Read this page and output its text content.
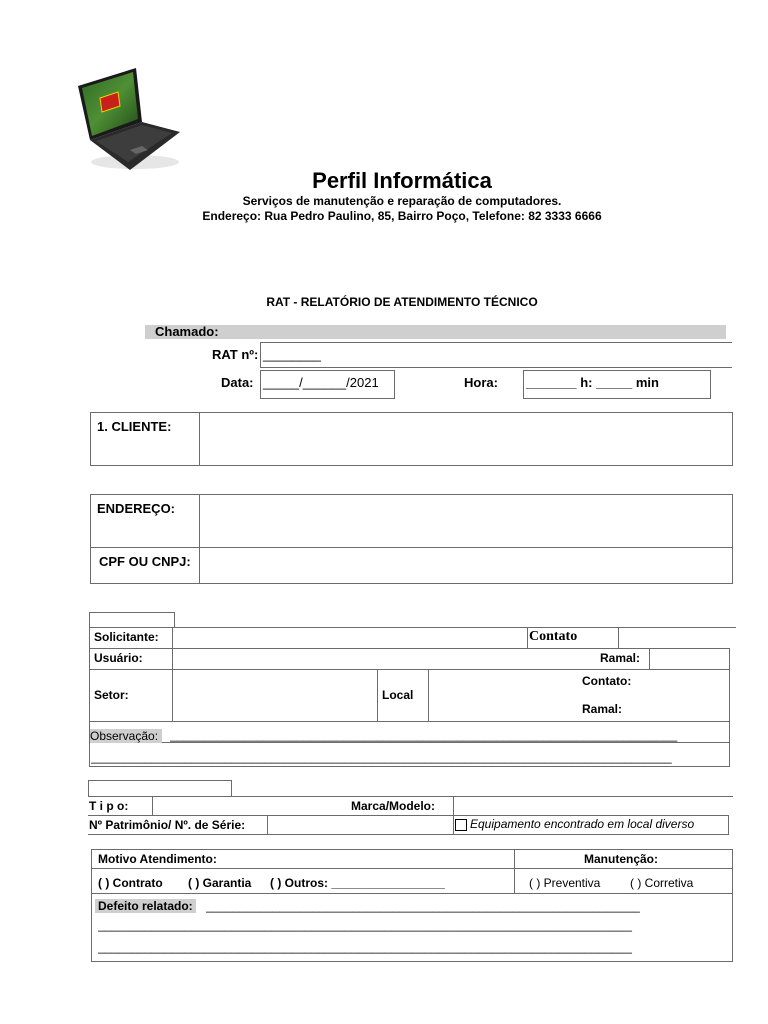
Perfil Informática
Serviços de manutenção e reparação de computadores.
Endereço: Rua Pedro Paulino, 85, Bairro Poço, Telefone: 82 3333 6666
RAT - RELATÓRIO DE ATENDIMENTO TÉCNICO
Chamado:
RAT nº: ________
Data: _____/______/2021	Hora: _______ h: _____ min
1. CLIENTE:
ENDEREÇO:
CPF OU CNPJ:
Solicitante:	Contato
Usuário:	Ramal:
Setor:	Local
Contato:
Ramal:
Observação: ____________________________________________________________________________
_______________________________________________________________________________________
T i p o:	Marca/Modelo:
Nº Patrimônio/ Nº. de Série:	Equipamento encontrado em local diverso
Motivo Atendimento:	Manutenção:
( ) Contrato ( ) Garantia ( ) Outros: _________________	( ) Preventiva ( ) Corretiva
Defeito relatado: _________________________________________________________________
________________________________________________________________________________
________________________________________________________________________________
